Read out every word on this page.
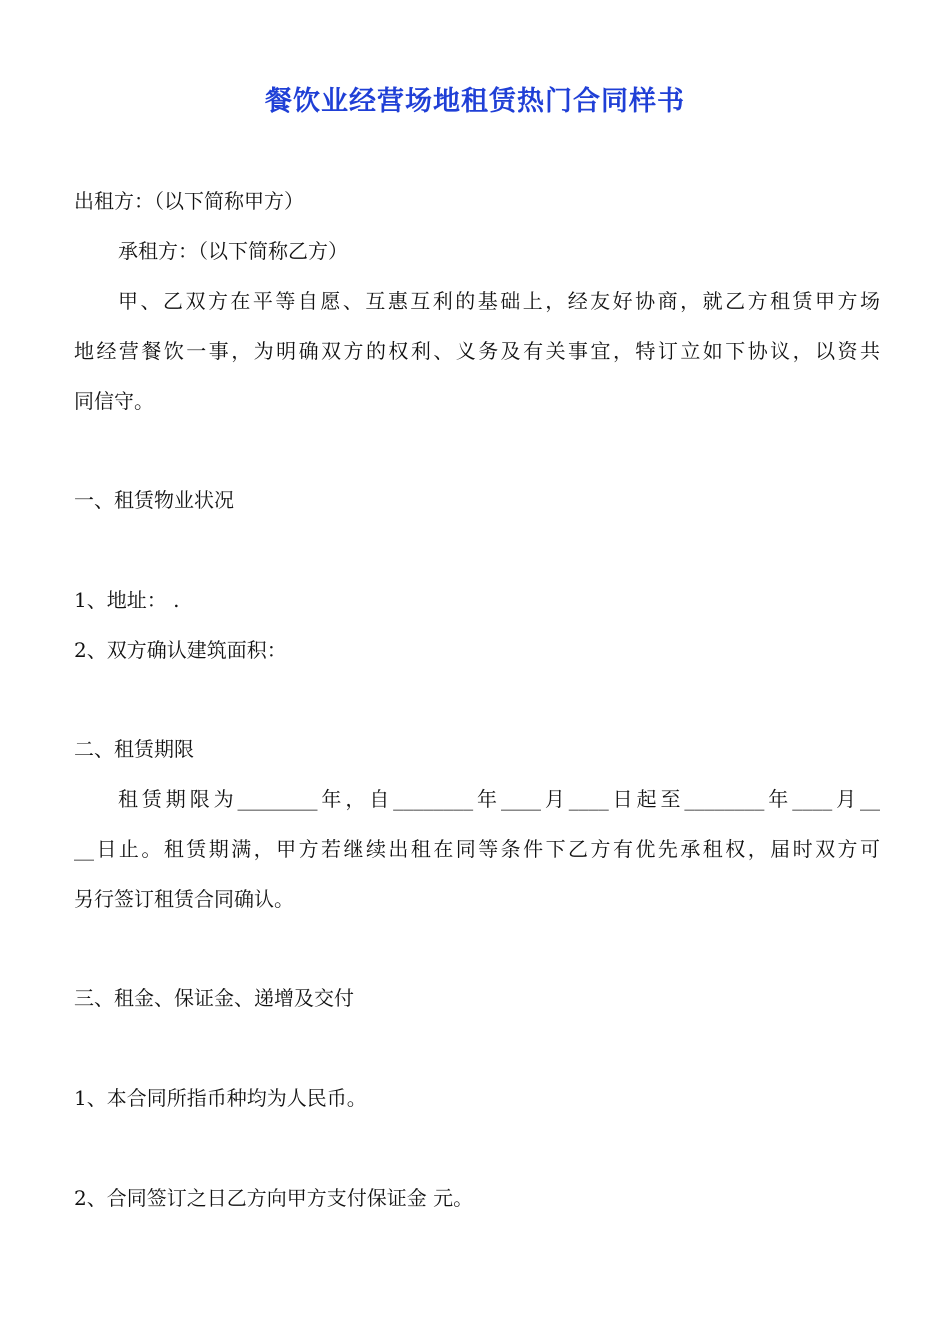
餐饮业经营场地租赁热门合同样书
出租方：（以下简称甲方）
承租方：（以下简称乙方）
甲、乙双方在平等自愿、互惠互利的基础上，经友好协商，就乙方租赁甲方场
地经营餐饮一事，为明确双方的权利、义务及有关事宜，特订立如下协议，以资共
同信守。
一、租赁物业状况
1、地址： .
2、双方确认建筑面积：
二、租赁期限
租赁期限为________年，自________年____月____日起至________年____月__
__日止。租赁期满，甲方若继续出租在同等条件下乙方有优先承租权，届时双方可
另行签订租赁合同确认。
三、租金、保证金、递增及交付
1、本合同所指币种均为人民币。
2、合同签订之日乙方向甲方支付保证金 元。
